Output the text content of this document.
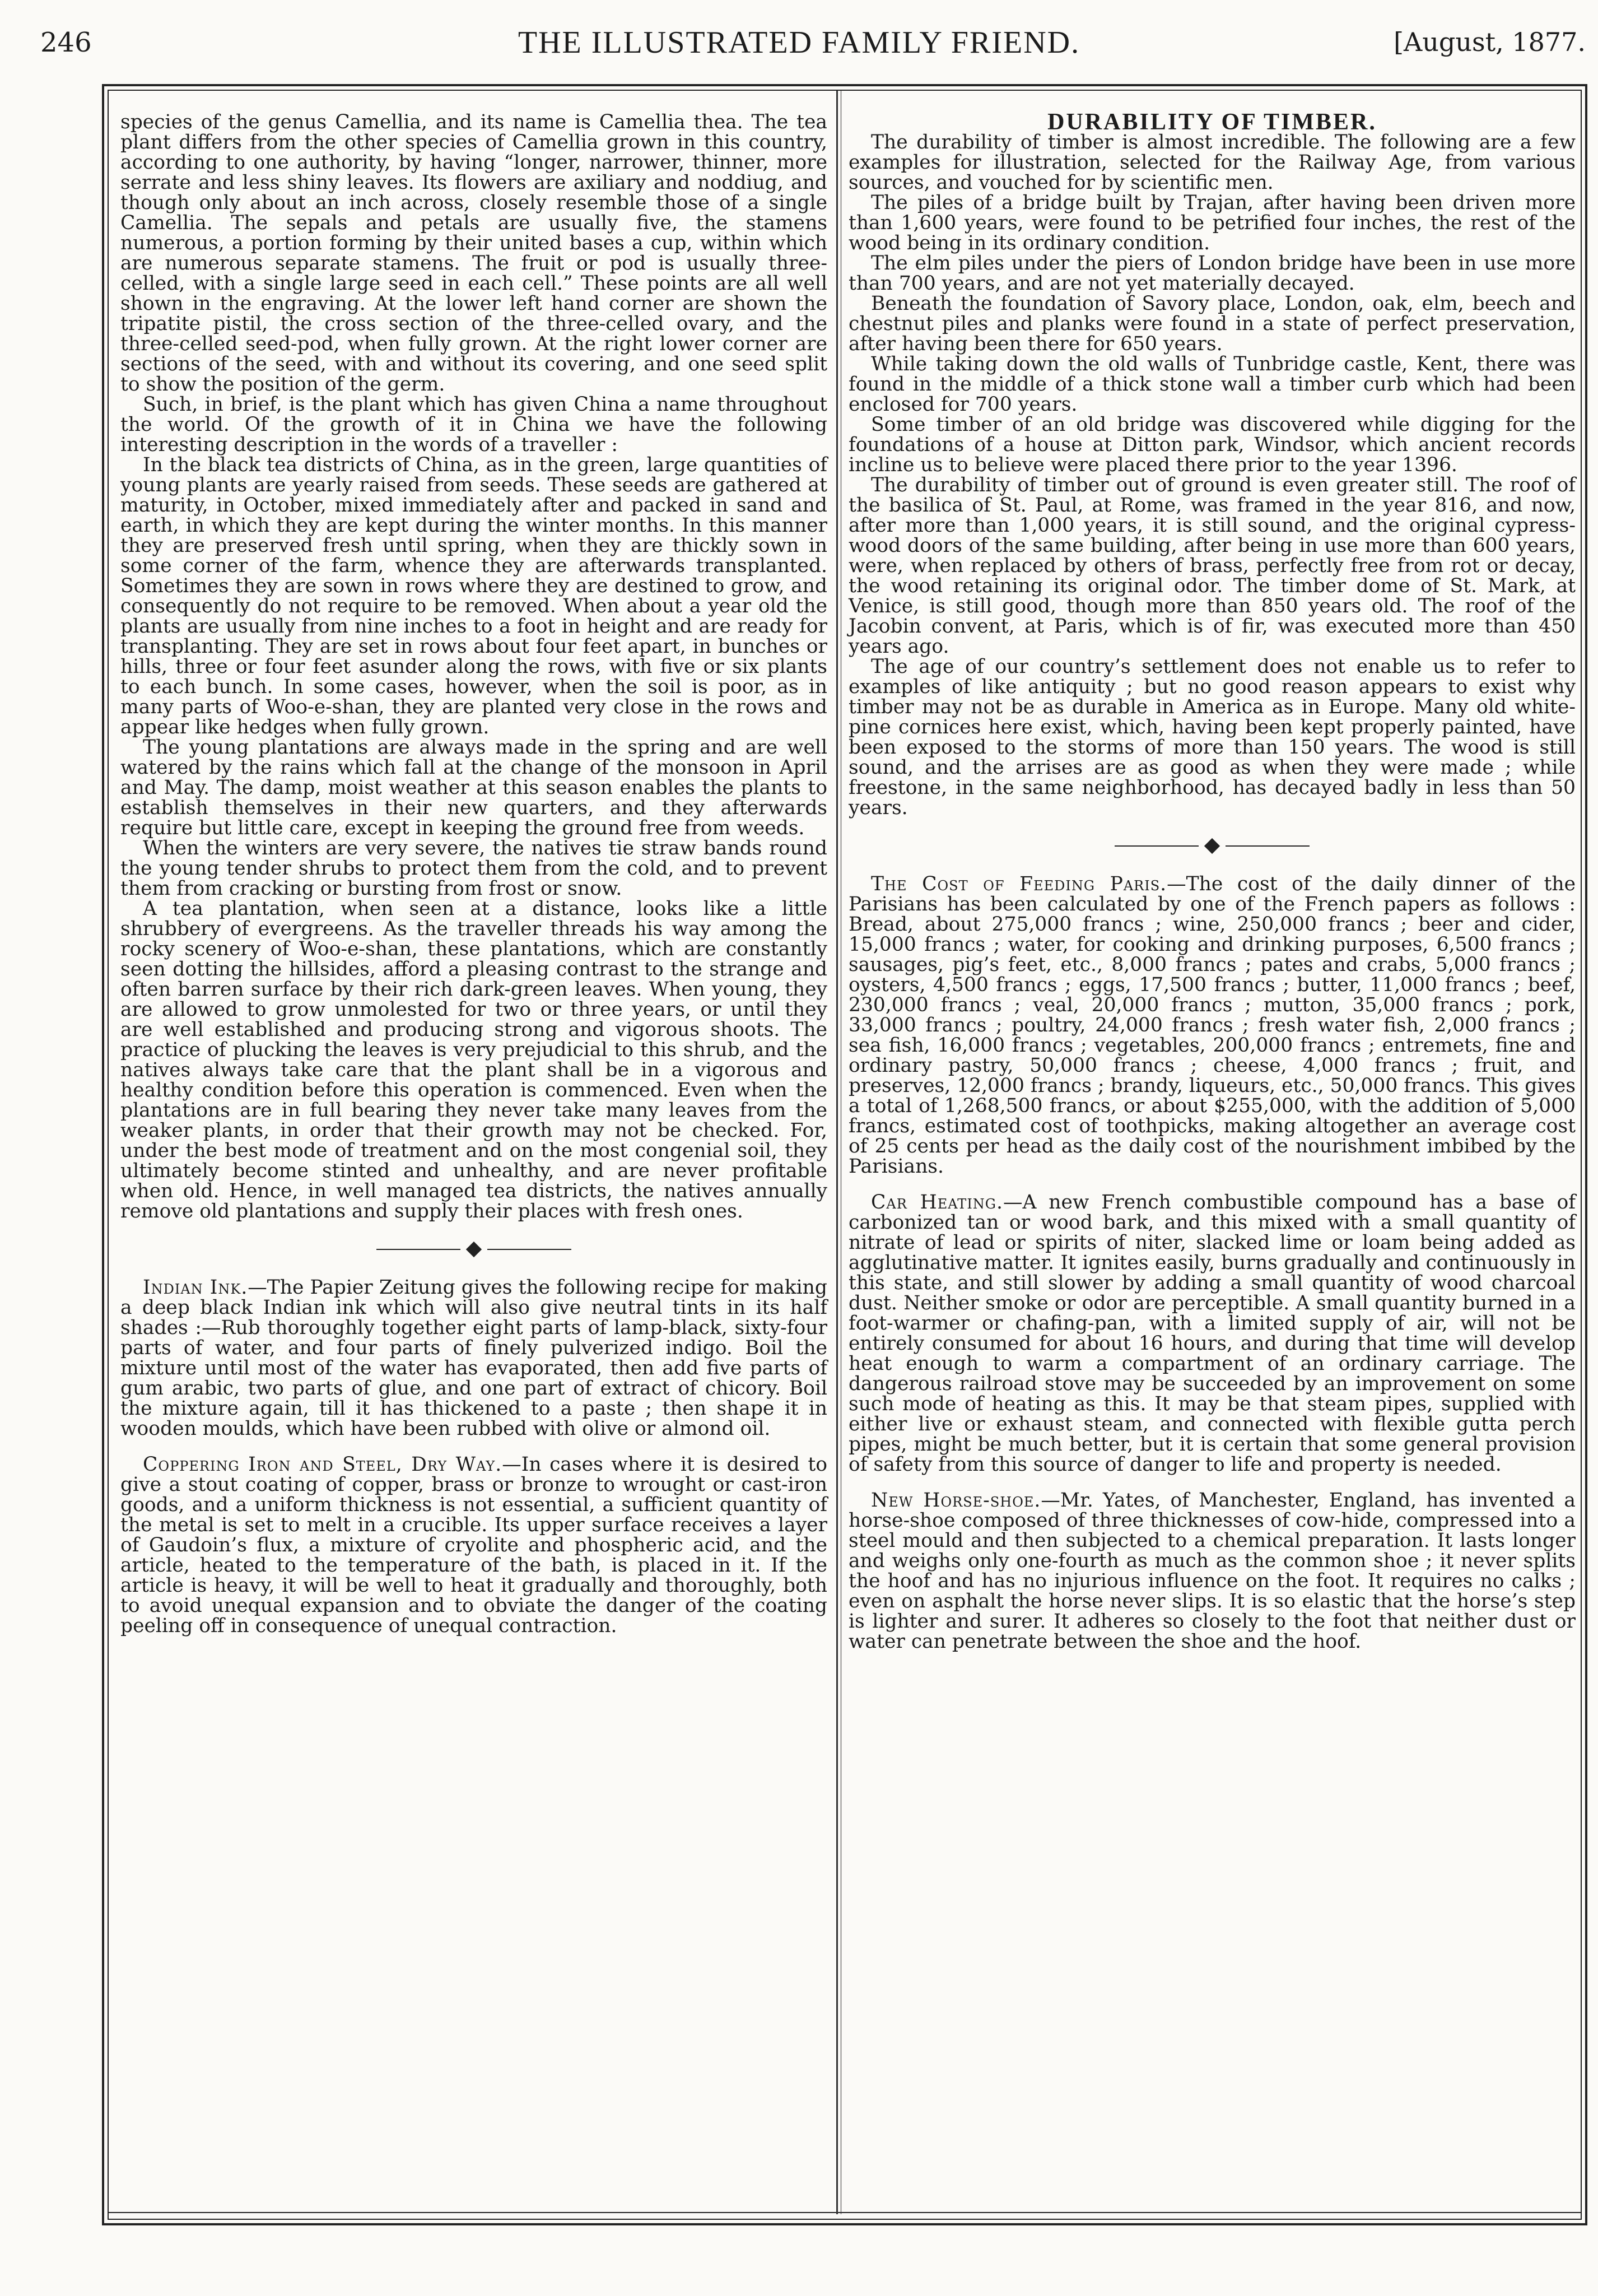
246	THE ILLUSTRATED FAMILY FRIEND.	[August, 1877.

species of the genus Camellia, and its name is Camellia thea. The tea plant differs from the other species of Camellia grown in this country, according to one authority, by having “longer, narrower, thinner, more serrate and less shiny leaves. Its flowers are axiliary and noddiug, and though only about an inch across, closely resemble those of a single Camellia. The sepals and petals are usually five, the stamens numerous, a portion forming by their united bases a cup, within which are numerous separate stamens. The fruit or pod is usually three-celled, with a single large seed in each cell.” These points are all well shown in the engraving. At the lower left hand corner are shown the tripatite pistil, the cross section of the three-celled ovary, and the three-celled seed-pod, when fully grown. At the right lower corner are sections of the seed, with and without its covering, and one seed split to show the position of the germ.

Such, in brief, is the plant which has given China a name throughout the world. Of the growth of it in China we have the following interesting description in the words of a traveller :

In the black tea districts of China, as in the green, large quantities of young plants are yearly raised from seeds. These seeds are gathered at maturity, in October, mixed immediately after and packed in sand and earth, in which they are kept during the winter months. In this manner they are preserved fresh until spring, when they are thickly sown in some corner of the farm, whence they are afterwards transplanted. Sometimes they are sown in rows where they are destined to grow, and consequently do not require to be removed. When about a year old the plants are usually from nine inches to a foot in height and are ready for transplanting. They are set in rows about four feet apart, in bunches or hills, three or four feet asunder along the rows, with five or six plants to each bunch. In some cases, however, when the soil is poor, as in many parts of Woo-e-shan, they are planted very close in the rows and appear like hedges when fully grown.

The young plantations are always made in the spring and are well watered by the rains which fall at the change of the monsoon in April and May. The damp, moist weather at this season enables the plants to establish themselves in their new quarters, and they afterwards require but little care, except in keeping the ground free from weeds.

When the winters are very severe, the natives tie straw bands round the young tender shrubs to protect them from the cold, and to prevent them from cracking or bursting from frost or snow.

A tea plantation, when seen at a distance, looks like a little shrubbery of evergreens. As the traveller threads his way among the rocky scenery of Woo-e-shan, these plantations, which are constantly seen dotting the hillsides, afford a pleasing contrast to the strange and often barren surface by their rich dark-green leaves. When young, they are allowed to grow unmolested for two or three years, or until they are well established and producing strong and vigorous shoots. The practice of plucking the leaves is very prejudicial to this shrub, and the natives always take care that the plant shall be in a vigorous and healthy condition before this operation is commenced. Even when the plantations are in full bearing they never take many leaves from the weaker plants, in order that their growth may not be checked. For, under the best mode of treatment and on the most congenial soil, they ultimately become stinted and unhealthy, and are never profitable when old. Hence, in well managed tea districts, the natives annually remove old plantations and supply their places with fresh ones.

Indian Ink.—The Papier Zeitung gives the following recipe for making a deep black Indian ink which will also give neutral tints in its half shades :—Rub thoroughly together eight parts of lamp-black, sixty-four parts of water, and four parts of finely pulverized indigo. Boil the mixture until most of the water has evaporated, then add five parts of gum arabic, two parts of glue, and one part of extract of chicory. Boil the mixture again, till it has thickened to a paste ; then shape it in wooden moulds, which have been rubbed with olive or almond oil.

Coppering Iron and Steel, Dry Way.—In cases where it is desired to give a stout coating of copper, brass or bronze to wrought or cast-iron goods, and a uniform thickness is not essential, a sufficient quantity of the metal is set to melt in a crucible. Its upper surface receives a layer of Gaudoin’s flux, a mixture of cryolite and phospheric acid, and the article, heated to the temperature of the bath, is placed in it. If the article is heavy, it will be well to heat it gradually and thoroughly, both to avoid unequal expansion and to obviate the danger of the coating peeling off in consequence of unequal contraction.

DURABILITY OF TIMBER.

The durability of timber is almost incredible. The following are a few examples for illustration, selected for the Railway Age, from various sources, and vouched for by scientific men.

The piles of a bridge built by Trajan, after having been driven more than 1,600 years, were found to be petrified four inches, the rest of the wood being in its ordinary condition.

The elm piles under the piers of London bridge have been in use more than 700 years, and are not yet materially decayed.

Beneath the foundation of Savory place, London, oak, elm, beech and chestnut piles and planks were found in a state of perfect preservation, after having been there for 650 years.

While taking down the old walls of Tunbridge castle, Kent, there was found in the middle of a thick stone wall a timber curb which had been enclosed for 700 years.

Some timber of an old bridge was discovered while digging for the foundations of a house at Ditton park, Windsor, which ancient records incline us to believe were placed there prior to the year 1396.

The durability of timber out of ground is even greater still. The roof of the basilica of St. Paul, at Rome, was framed in the year 816, and now, after more than 1,000 years, it is still sound, and the original cypress-wood doors of the same building, after being in use more than 600 years, were, when replaced by others of brass, perfectly free from rot or decay, the wood retaining its original odor. The timber dome of St. Mark, at Venice, is still good, though more than 850 years old. The roof of the Jacobin convent, at Paris, which is of fir, was executed more than 450 years ago.

The age of our country’s settlement does not enable us to refer to examples of like antiquity ; but no good reason appears to exist why timber may not be as durable in America as in Europe. Many old white-pine cornices here exist, which, having been kept properly painted, have been exposed to the storms of more than 150 years. The wood is still sound, and the arrises are as good as when they were made ; while freestone, in the same neighborhood, has decayed badly in less than 50 years.

The Cost of Feeding Paris.—The cost of the daily dinner of the Parisians has been calculated by one of the French papers as follows : Bread, about 275,000 francs ; wine, 250,000 francs ; beer and cider, 15,000 francs ; water, for cooking and drinking purposes, 6,500 francs ; sausages, pig’s feet, etc., 8,000 francs ; pates and crabs, 5,000 francs ; oysters, 4,500 francs ; eggs, 17,500 francs ; butter, 11,000 francs ; beef, 230,000 francs ; veal, 20,000 francs ; mutton, 35,000 francs ; pork, 33,000 francs ; poultry, 24,000 francs ; fresh water fish, 2,000 francs ; sea fish, 16,000 francs ; vegetables, 200,000 francs ; entremets, fine and ordinary pastry, 50,000 francs ; cheese, 4,000 francs ; fruit, and preserves, 12,000 francs ; brandy, liqueurs, etc., 50,000 francs. This gives a total of 1,268,500 francs, or about $255,000, with the addition of 5,000 francs, estimated cost of toothpicks, making altogether an average cost of 25 cents per head as the daily cost of the nourishment imbibed by the Parisians.

Car Heating.—A new French combustible compound has a base of carbonized tan or wood bark, and this mixed with a small quantity of nitrate of lead or spirits of niter, slacked lime or loam being added as agglutinative matter. It ignites easily, burns gradually and continuously in this state, and still slower by adding a small quantity of wood charcoal dust. Neither smoke or odor are perceptible. A small quantity burned in a foot-warmer or chafing-pan, with a limited supply of air, will not be entirely consumed for about 16 hours, and during that time will develop heat enough to warm a compartment of an ordinary carriage. The dangerous railroad stove may be succeeded by an improvement on some such mode of heating as this. It may be that steam pipes, supplied with either live or exhaust steam, and connected with flexible gutta perch pipes, might be much better, but it is certain that some general provision of safety from this source of danger to life and property is needed.

New Horse-shoe.—Mr. Yates, of Manchester, England, has invented a horse-shoe composed of three thicknesses of cow-hide, compressed into a steel mould and then subjected to a chemical preparation. It lasts longer and weighs only one-fourth as much as the common shoe ; it never splits the hoof and has no injurious influence on the foot. It requires no calks ; even on asphalt the horse never slips. It is so elastic that the horse’s step is lighter and surer. It adheres so closely to the foot that neither dust or water can penetrate between the shoe and the hoof.
